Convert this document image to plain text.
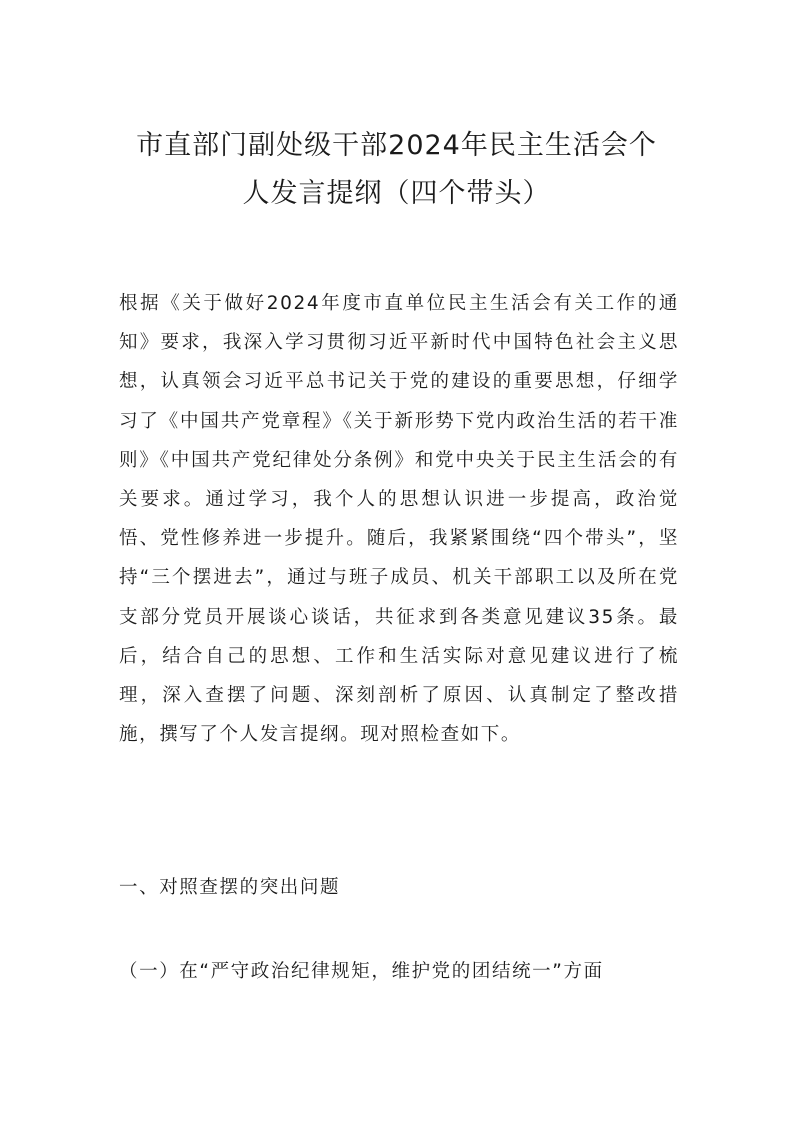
市直部门副处级干部2024年民主生活会个
人发言提纲（四个带头）

根据《关于做好2024年度市直单位民主生活会有关工作的通知》要求，我深入学习贯彻习近平新时代中国特色社会主义思想，认真领会习近平总书记关于党的建设的重要思想，仔细学习了《中国共产党章程》《关于新形势下党内政治生活的若干准则》《中国共产党纪律处分条例》和党中央关于民主生活会的有关要求。通过学习，我个人的思想认识进一步提高，政治觉悟、党性修养进一步提升。随后，我紧紧围绕“四个带头”，坚持“三个摆进去”，通过与班子成员、机关干部职工以及所在党支部分党员开展谈心谈话，共征求到各类意见建议35条。最后，结合自己的思想、工作和生活实际对意见建议进行了梳理，深入查摆了问题、深刻剖析了原因、认真制定了整改措施，撰写了个人发言提纲。现对照检查如下。

一、对照查摆的突出问题

（一）在“严守政治纪律规矩，维护党的团结统一”方面
